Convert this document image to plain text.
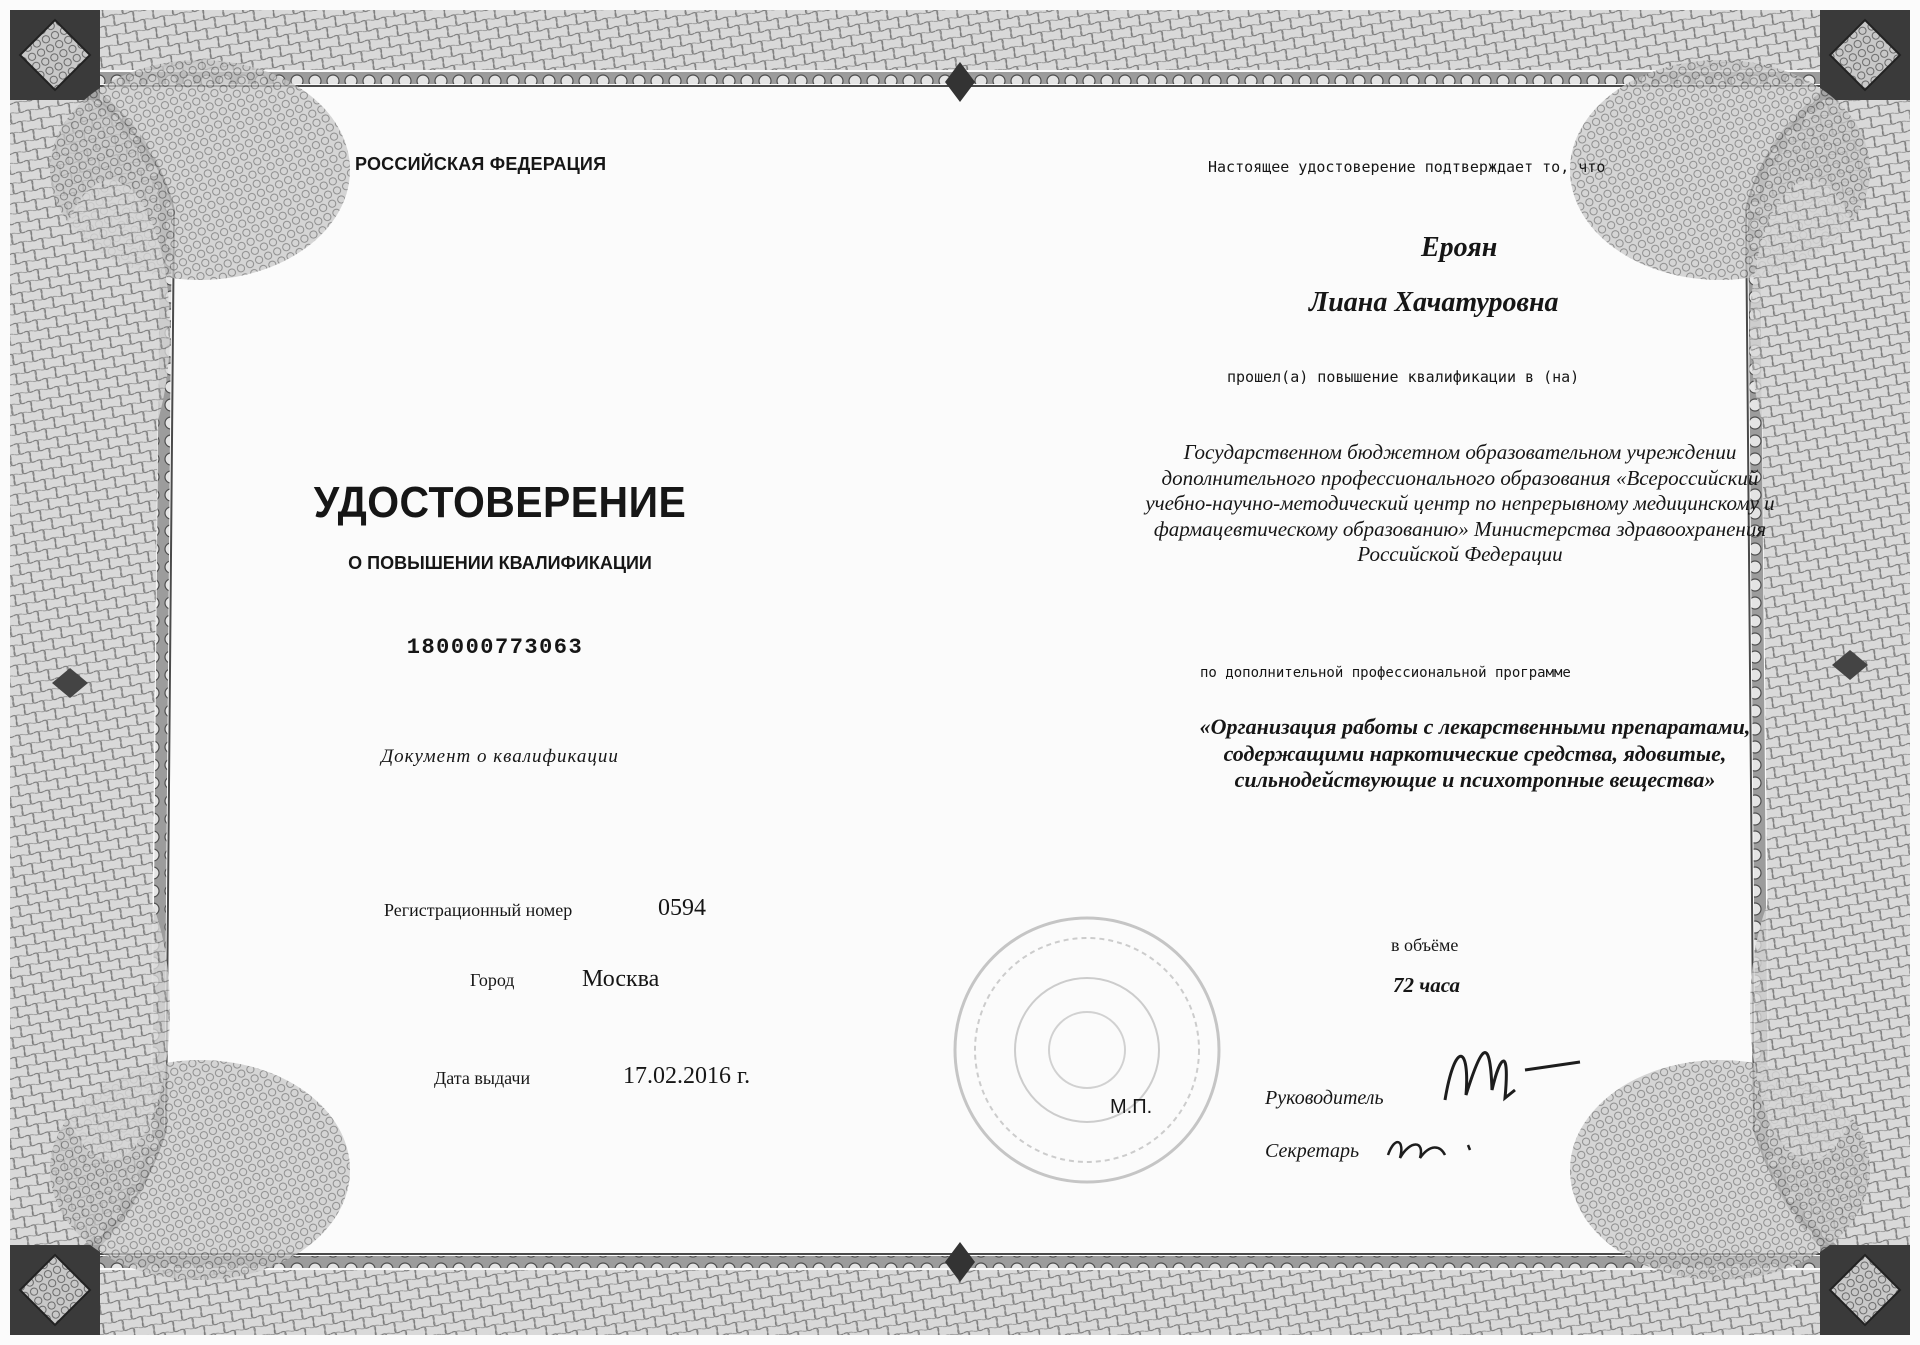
РОССИЙСКАЯ ФЕДЕРАЦИЯ

УДОСТОВЕРЕНИЕ

О ПОВЫШЕНИИ КВАЛИФИКАЦИИ

180000773063

Документ о квалификации

Регистрационный номер	0594

Город	Москва

Дата выдачи	17.02.2016 г.

Настоящее удостоверение подтверждает то, что

Ероян

Лиана Хачатуровна

прошел(а) повышение квалификации в (на)

Государственном бюджетном образовательном учреждении дополнительного профессионального образования «Всероссийский учебно-научно-методический центр по непрерывному медицинскому и фармацевтическому образованию» Министерства здравоохранения Российской Федерации

по дополнительной профессиональной программе

«Организация работы с лекарственными препаратами, содержащими наркотические средства, ядовитые, сильнодействующие и психотропные вещества»

в объёме

72 часа

Руководитель

Секретарь

М.П.
